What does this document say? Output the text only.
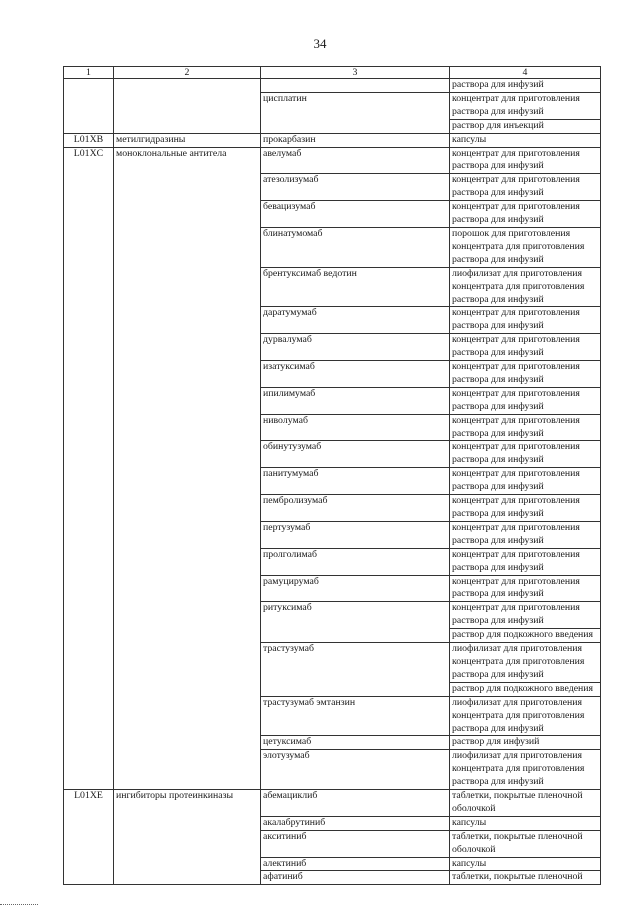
34
1	2	3	4

			раствора для инфузий

		цисплатин	концентрат для приготовления
раствора для инфузий

			раствор для инъекций

L01XB	метилгидразины	прокарбазин	капсулы

L01XC	моноклональные антитела	авелумаб	концентрат для приготовления
раствора для инфузий

		атезолизумаб	концентрат для приготовления
раствора для инфузий

		бевацизумаб	концентрат для приготовления
раствора для инфузий

		блинатумомаб	порошок для приготовления
концентрата для приготовления
раствора для инфузий

		брентуксимаб ведотин	лиофилизат для приготовления
концентрата для приготовления
раствора для инфузий

		даратумумаб	концентрат для приготовления
раствора для инфузий

		дурвалумаб	концентрат для приготовления
раствора для инфузий

		изатуксимаб	концентрат для приготовления
раствора для инфузий

		ипилимумаб	концентрат для приготовления
раствора для инфузий

		ниволумаб	концентрат для приготовления
раствора для инфузий

		обинутузумаб	концентрат для приготовления
раствора для инфузий

		панитумумаб	концентрат для приготовления
раствора для инфузий

		пембролизумаб	концентрат для приготовления
раствора для инфузий

		пертузумаб	концентрат для приготовления
раствора для инфузий

		пролголимаб	концентрат для приготовления
раствора для инфузий

		рамуцирумаб	концентрат для приготовления
раствора для инфузий

		ритуксимаб	концентрат для приготовления
раствора для инфузий

			раствор для подкожного введения

		трастузумаб	лиофилизат для приготовления
концентрата для приготовления
раствора для инфузий

			раствор для подкожного введения

		трастузумаб эмтанзин	лиофилизат для приготовления
концентрата для приготовления
раствора для инфузий

		цетуксимаб	раствор для инфузий

		элотузумаб	лиофилизат для приготовления
концентрата для приготовления
раствора для инфузий

L01XE	ингибиторы протеинкиназы	абемациклиб	таблетки, покрытые пленочной
оболочкой

		акалабрутиниб	капсулы

		акситиниб	таблетки, покрытые пленочной
оболочкой

		алектиниб	капсулы

		афатиниб	таблетки, покрытые пленочной
